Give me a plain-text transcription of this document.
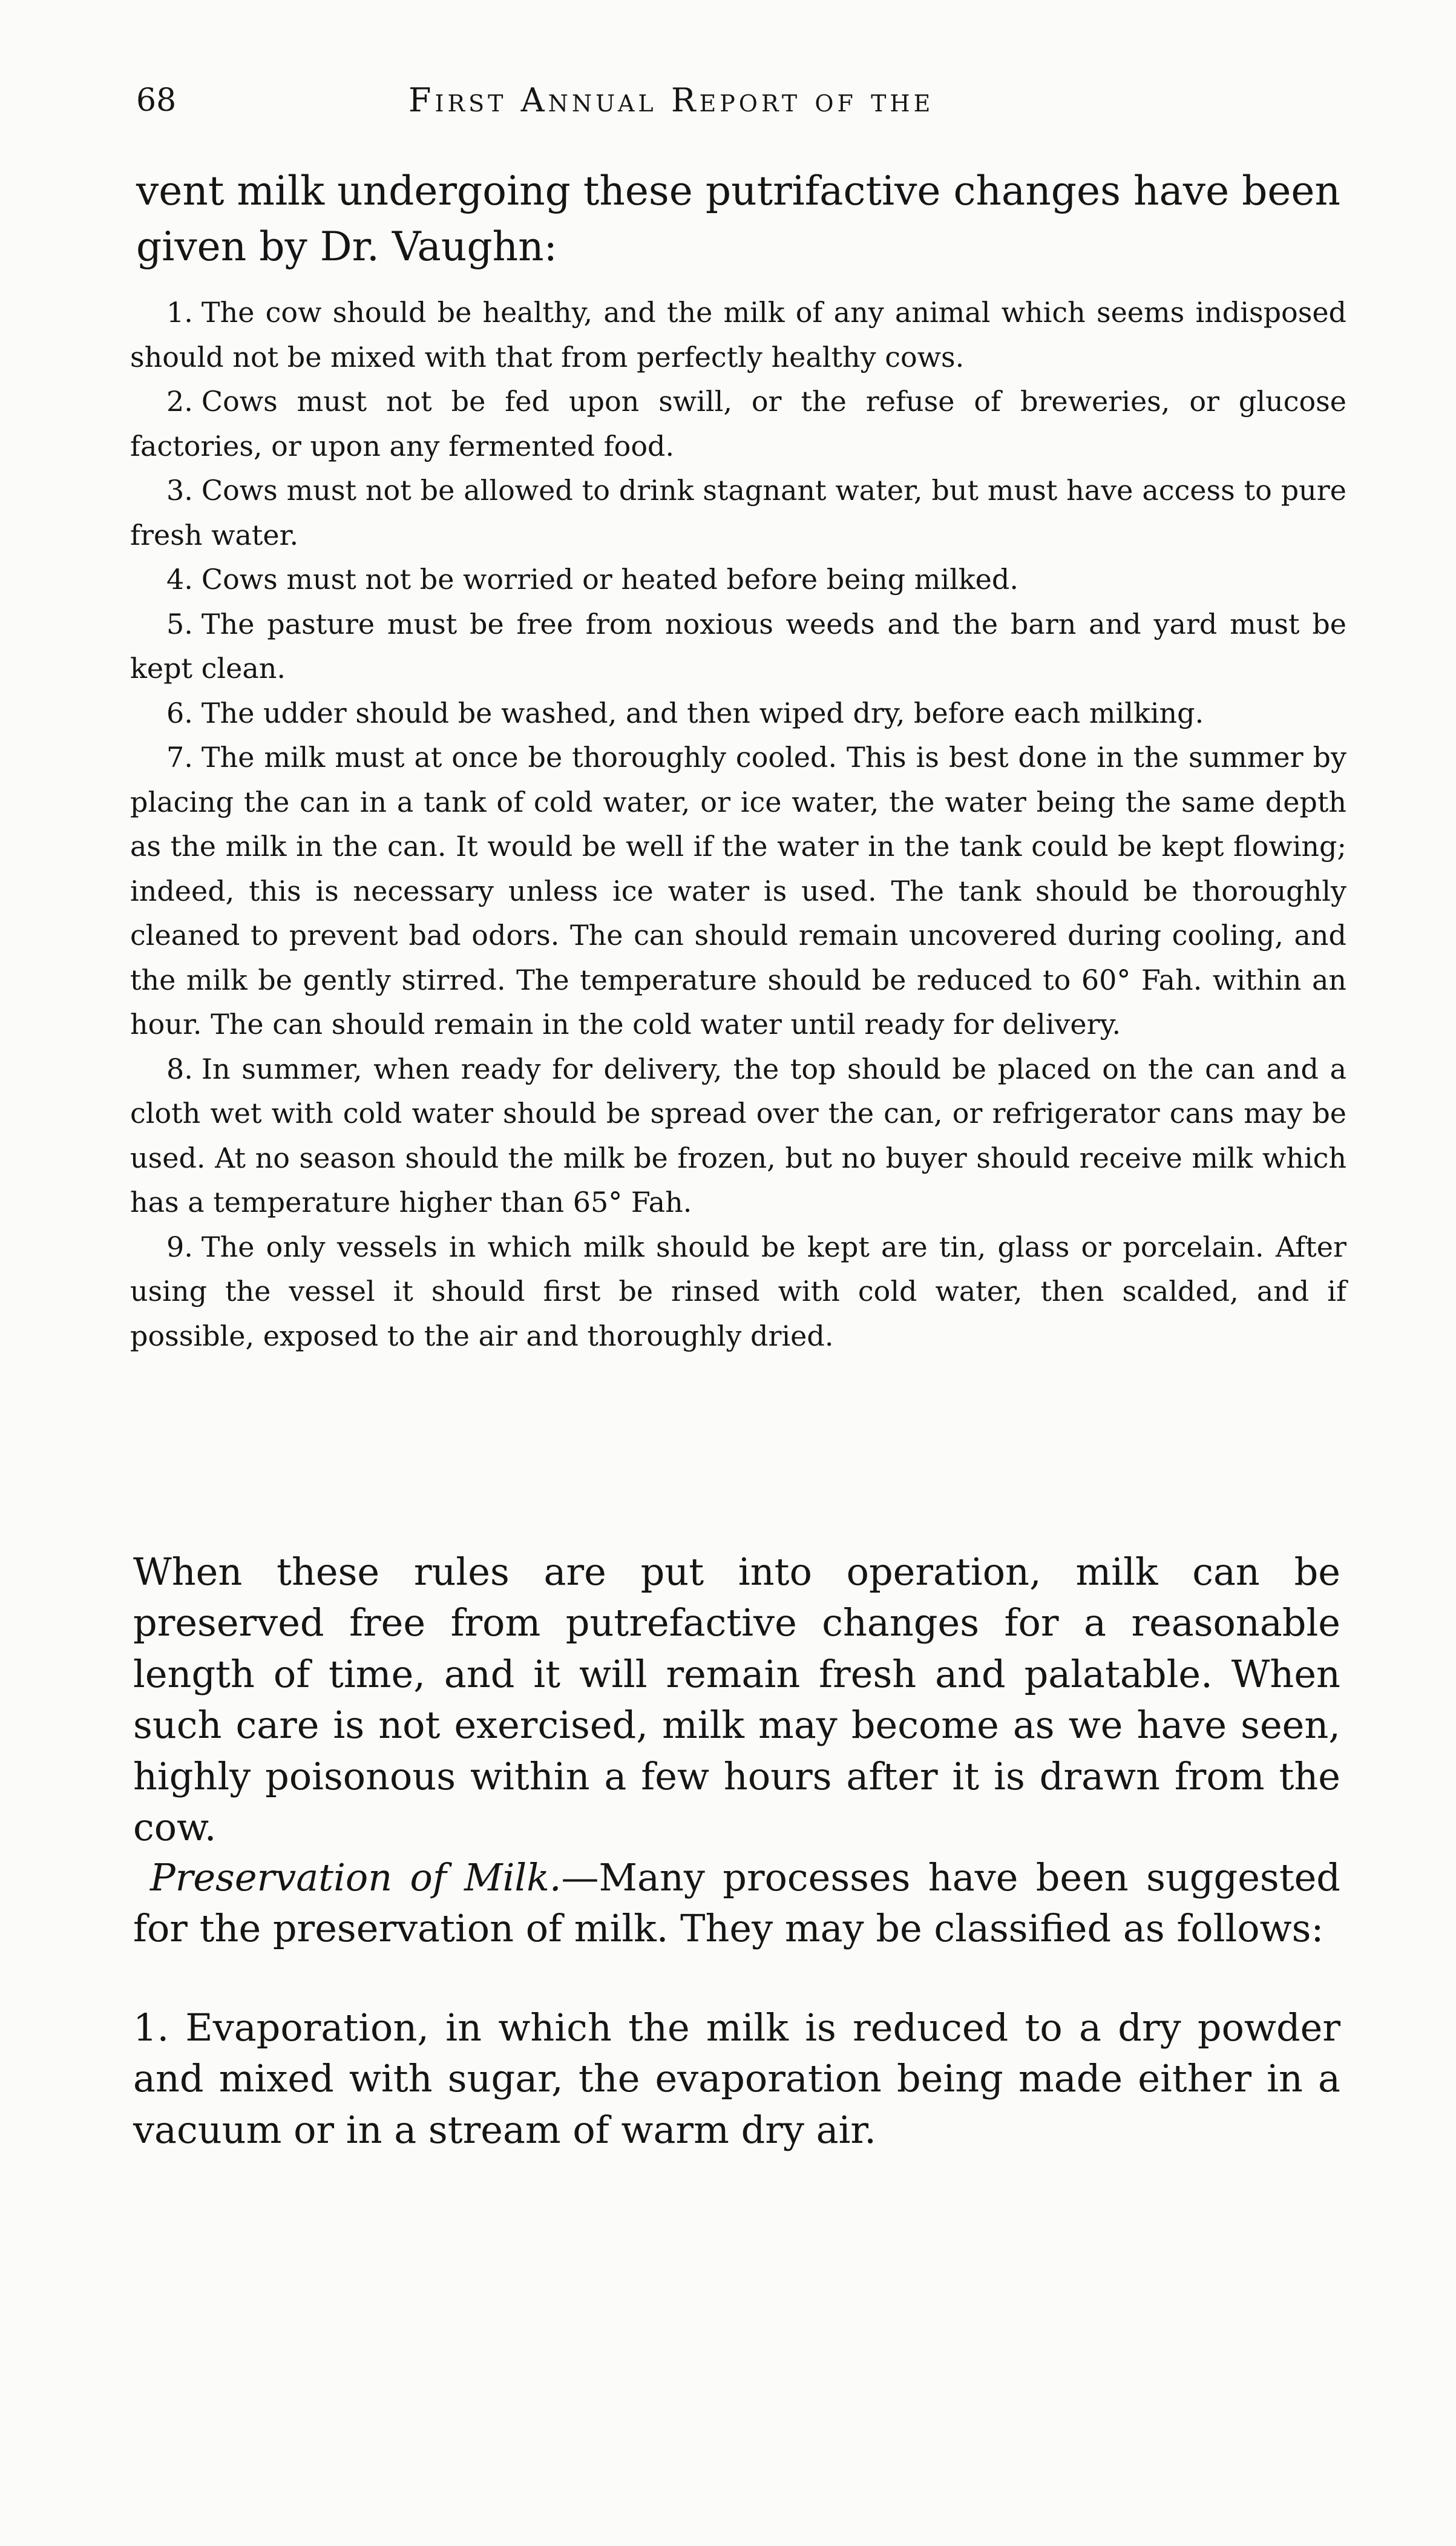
68	First Annual Report of the

vent milk undergoing these putrifactive changes have been given by Dr. Vaughn:

1. The cow should be healthy, and the milk of any animal which seems indisposed should not be mixed with that from perfectly healthy cows.
2. Cows must not be fed upon swill, or the refuse of breweries, or glucose factories, or upon any fermented food.
3. Cows must not be allowed to drink stagnant water, but must have access to pure fresh water.
4. Cows must not be worried or heated before being milked.
5. The pasture must be free from noxious weeds and the barn and yard must be kept clean.
6. The udder should be washed, and then wiped dry, before each milking.
7. The milk must at once be thoroughly cooled. This is best done in the summer by placing the can in a tank of cold water, or ice water, the water being the same depth as the milk in the can. It would be well if the water in the tank could be kept flowing; indeed, this is necessary unless ice water is used. The tank should be thoroughly cleaned to prevent bad odors. The can should remain uncovered during cooling, and the milk be gently stirred. The temperature should be reduced to 60° Fah. within an hour. The can should remain in the cold water until ready for delivery.
8. In summer, when ready for delivery, the top should be placed on the can and a cloth wet with cold water should be spread over the can, or refrigerator cans may be used. At no season should the milk be frozen, but no buyer should receive milk which has a temperature higher than 65° Fah.
9. The only vessels in which milk should be kept are tin, glass or porcelain. After using the vessel it should first be rinsed with cold water, then scalded, and if possible, exposed to the air and thoroughly dried.

When these rules are put into operation, milk can be preserved free from putrefactive changes for a reasonable length of time, and it will remain fresh and palatable. When such care is not exercised, milk may become as we have seen, highly poisonous within a few hours after it is drawn from the cow.

Preservation of Milk.—Many processes have been suggested for the preservation of milk. They may be classified as follows:

1. Evaporation, in which the milk is reduced to a dry powder and mixed with sugar, the evaporation being made either in a vacuum or in a stream of warm dry air.
